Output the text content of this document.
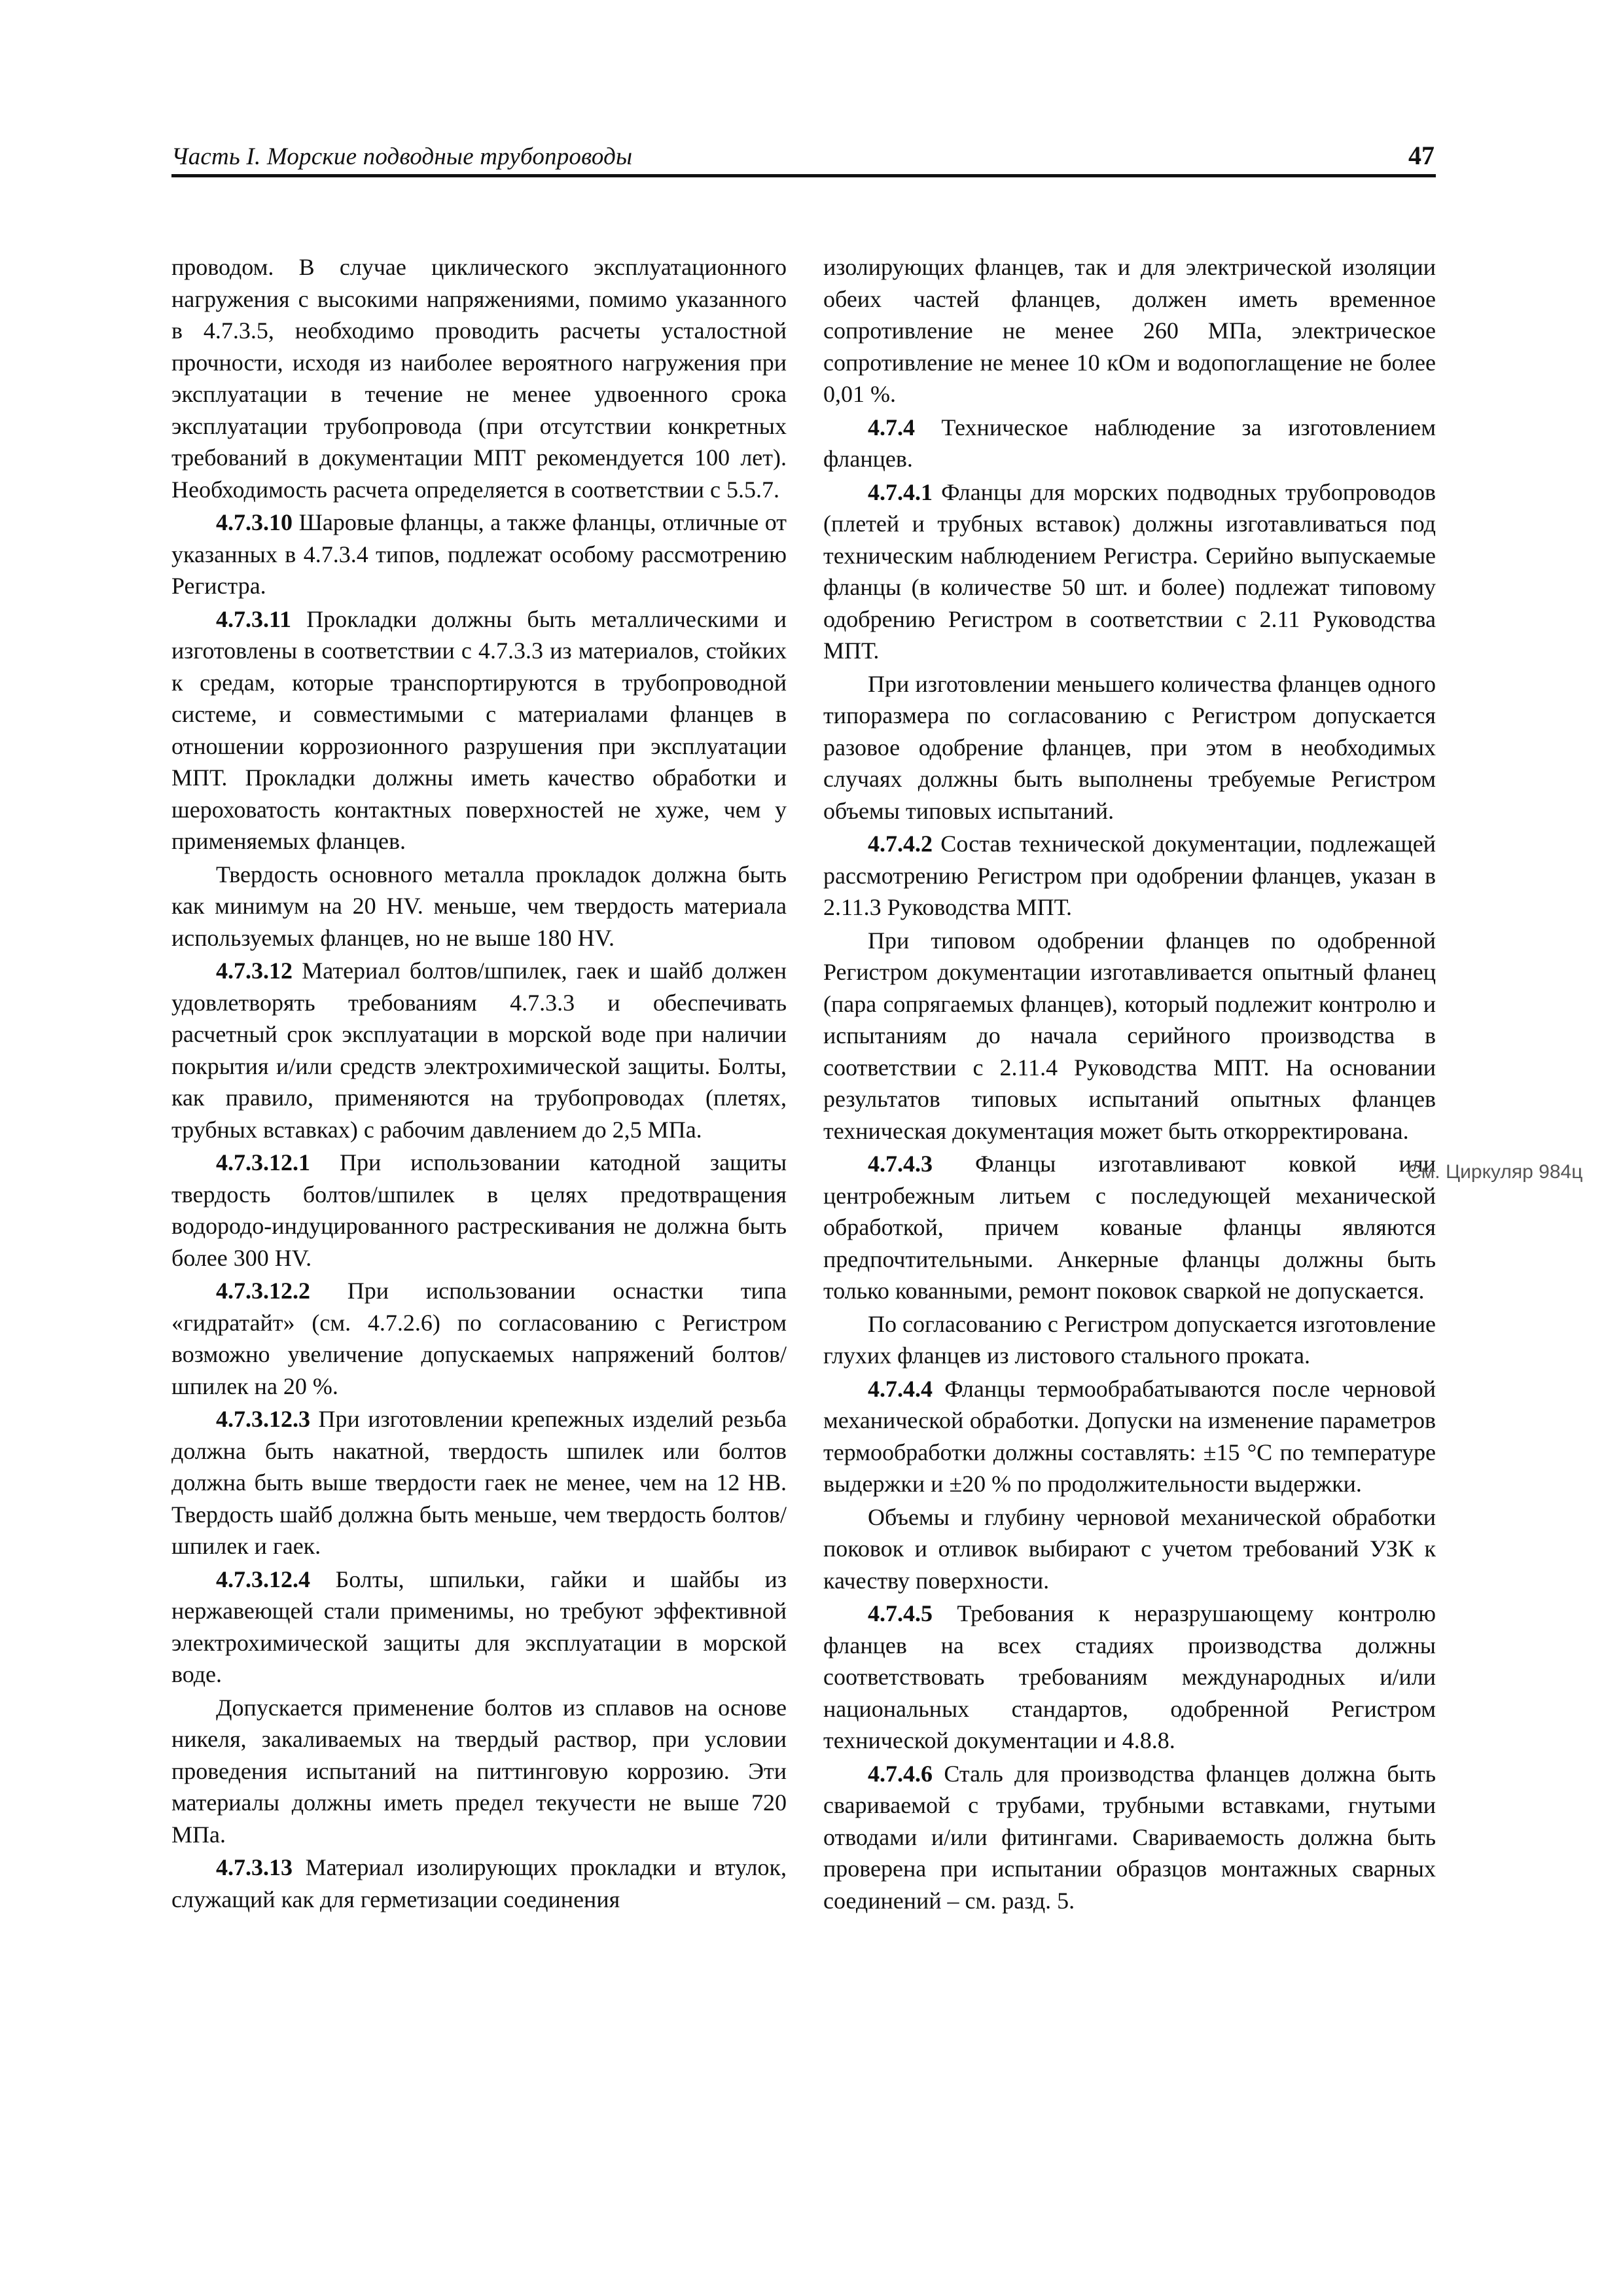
Часть I. Морские подводные трубопроводы	47

проводом. В случае циклического эксплуатационного нагружения с высокими напряжениями, помимо указанного в 4.7.3.5, необходимо проводить расчеты усталостной прочности, исходя из наиболее вероятного нагружения при эксплуатации в течение не менее удвоенного срока эксплуатации трубопровода (при отсутствии конкретных требований в документации МПТ рекомендуется 100 лет). Необходимость расчета определяется в соответствии с 5.5.7.

4.7.3.10 Шаровые фланцы, а также фланцы, отличные от указанных в 4.7.3.4 типов, подлежат особому рассмотрению Регистра.

4.7.3.11 Прокладки должны быть металлическими и изготовлены в соответствии с 4.7.3.3 из материалов, стойких к средам, которые транспортируются в трубопроводной системе, и совместимыми с материалами фланцев в отношении коррозионного разрушения при эксплуатации МПТ. Прокладки должны иметь качество обработки и шероховатость контактных поверхностей не хуже, чем у применяемых фланцев.

Твердость основного металла прокладок должна быть как минимум на 20 HV. меньше, чем твердость материала используемых фланцев, но не выше 180 HV.

4.7.3.12 Материал болтов/шпилек, гаек и шайб должен удовлетворять требованиям 4.7.3.3 и обеспечивать расчетный срок эксплуатации в морской воде при наличии покрытия и/или средств электрохимической защиты. Болты, как правило, применяются на трубопроводах (плетях, трубных вставках) с рабочим давлением до 2,5 МПа.

4.7.3.12.1 При использовании катодной защиты твердость болтов/шпилек в целях предотвращения водородо-индуцированного растрескивания не должна быть более 300 HV.

4.7.3.12.2 При использовании оснастки типа «гидратайт» (см. 4.7.2.6) по согласованию с Регистром возможно увеличение допускаемых напряжений болтов/шпилек на 20 %.

4.7.3.12.3 При изготовлении крепежных изделий резьба должна быть накатной, твердость шпилек или болтов должна быть выше твердости гаек не менее, чем на 12 HB. Твердость шайб должна быть меньше, чем твердость болтов/шпилек и гаек.

4.7.3.12.4 Болты, шпильки, гайки и шайбы из нержавеющей стали применимы, но требуют эффективной электрохимической защиты для эксплуатации в морской воде.

Допускается применение болтов из сплавов на основе никеля, закаливаемых на твердый раствор, при условии проведения испытаний на питтинговую коррозию. Эти материалы должны иметь предел текучести не выше 720 МПа.

4.7.3.13 Материал изолирующих прокладки и втулок, служащий как для герметизации соединения

изолирующих фланцев, так и для электрической изоляции обеих частей фланцев, должен иметь временное сопротивление не менее 260 МПа, электрическое сопротивление не менее 10 кОм и водопоглащение не более 0,01 %.

4.7.4 Техническое наблюдение за изготовлением фланцев.

4.7.4.1 Фланцы для морских подводных трубопроводов (плетей и трубных вставок) должны изготавливаться под техническим наблюдением Регистра. Серийно выпускаемые фланцы (в количестве 50 шт. и более) подлежат типовому одобрению Регистром в соответствии с 2.11 Руководства МПТ.

При изготовлении меньшего количества фланцев одного типоразмера по согласованию с Регистром допускается разовое одобрение фланцев, при этом в необходимых случаях должны быть выполнены требуемые Регистром объемы типовых испытаний.

4.7.4.2 Состав технической документации, подлежащей рассмотрению Регистром при одобрении фланцев, указан в 2.11.3 Руководства МПТ.

При типовом одобрении фланцев по одобренной Регистром документации изготавливается опытный фланец (пара сопрягаемых фланцев), который подлежит контролю и испытаниям до начала серийного производства в соответствии с 2.11.4 Руководства МПТ. На основании результатов типовых испытаний опытных фланцев техническая документация может быть откорректирована.

4.7.4.3 Фланцы изготавливают ковкой или центробежным литьем с последующей механической обработкой, причем кованые фланцы являются предпочтительными. Анкерные фланцы должны быть только кованными, ремонт поковок сваркой не допускается.

По согласованию с Регистром допускается изготовление глухих фланцев из листового стального проката.

4.7.4.4 Фланцы термообрабатываются после черновой механической обработки. Допуски на изменение параметров термообработки должны составлять: ±15 °C по температуре выдержки и ±20 % по продолжительности выдержки.

Объемы и глубину черновой механической обработки поковок и отливок выбирают с учетом требований УЗК к качеству поверхности.

4.7.4.5 Требования к неразрушающему контролю фланцев на всех стадиях производства должны соответствовать требованиям международных и/или национальных стандартов, одобренной Регистром технической документации и 4.8.8.

4.7.4.6 Сталь для производства фланцев должна быть свариваемой с трубами, трубными вставками, гнутыми отводами и/или фитингами. Свариваемость должна быть проверена при испытании образцов монтажных сварных соединений – см. разд. 5.

См. Циркуляр 984ц
